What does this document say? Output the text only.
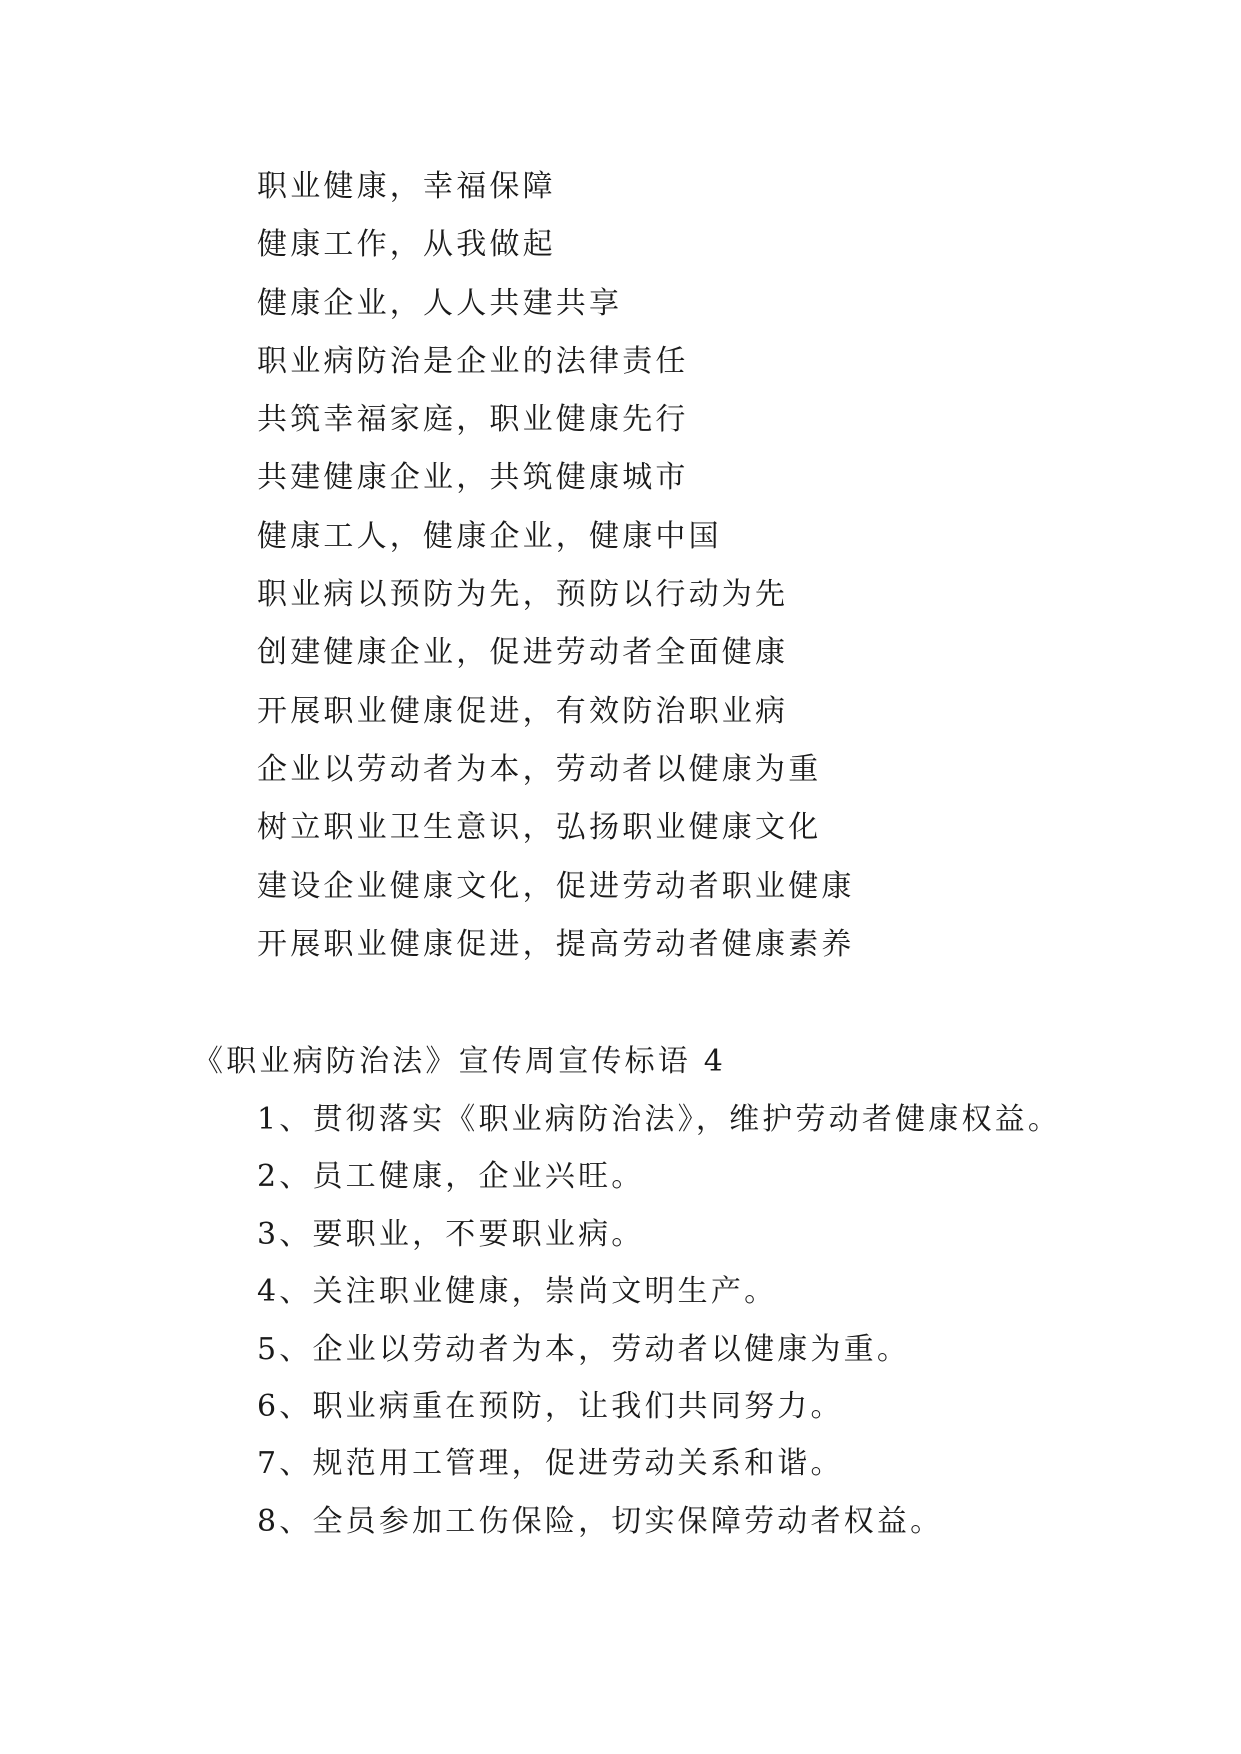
职业健康，幸福保障
健康工作，从我做起
健康企业，人人共建共享
职业病防治是企业的法律责任
共筑幸福家庭，职业健康先行
共建健康企业，共筑健康城市
健康工人，健康企业，健康中国
职业病以预防为先，预防以行动为先
创建健康企业，促进劳动者全面健康
开展职业健康促进，有效防治职业病
企业以劳动者为本，劳动者以健康为重
树立职业卫生意识，弘扬职业健康文化
建设企业健康文化，促进劳动者职业健康
开展职业健康促进，提高劳动者健康素养
《职业病防治法》宣传周宣传标语 4
1、贯彻落实《职业病防治法》，维护劳动者健康权益。
2、员工健康，企业兴旺。
3、要职业，不要职业病。
4、关注职业健康，崇尚文明生产。
5、企业以劳动者为本，劳动者以健康为重。
6、职业病重在预防，让我们共同努力。
7、规范用工管理，促进劳动关系和谐。
8、全员参加工伤保险，切实保障劳动者权益。
